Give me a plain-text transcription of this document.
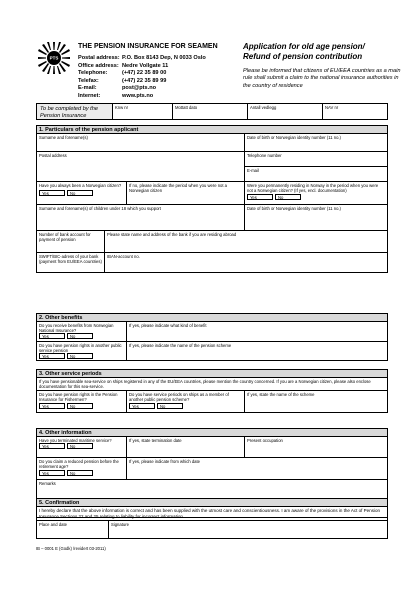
PTS
THE PENSION INSURANCE FOR SEAMEN
Postal address: P.O. Box 8143 Dep, N 0033 Oslo
Office address: Nedre Vollgate 11
Telephone:	(+47) 22 35 89 00
Telefax:	(+47) 22 35 89 99
E-mail:	post@pts.no
Internet:	www.pts.no
Application for old age pension/
Refund of pension contribution
Please be informed that citizens of EU/EEA countries as a main rule shall submit a claim to the national insurance authorities in the country of residence
To be completed by the Pension Insurance
Knw nr	Mottatt dato	Antall vedlegg	NAV nr
1. Particulars of the pension applicant
Surname and forename(s)	Date of birth or Norwegian identity number (11 no.)
Postal address	Telephone number
E-mail
Have you always been a Norwegian citizen?
Yes	No
If no, please indicate the period when you were not a Norwegian citizen
Were you permanently residing in Norway in the period when you were not a Norwegian citizen? (If yes, encl. documentation)
Yes	No
Surname and forename(s) of children under 18 which you support	Date of birth or Norwegian identity number (11 no.)
Number of bank account for payment of pension
Please state name and address of the bank if you are residing abroad
SWIFT/BIC-adress of your bank (payment from EU/EEA countries)
IBAN-account no.
2. Other benefits
Do you receive benefits from Norwegian National Insurance?
Yes	No
If yes, please indicate what kind of benefit
Do you have pension rights in another public service pension
Yes	No
If yes, please indicate the name of the pension scheme
3. Other service periods
If you have pensionable sea-service on ships registered in any of the EU/EEA countries, please mention the country concerned. If you are a Norwegian citizen, please also enclose documentation for this sea-service.
Do you have pension rights in the Pension Insurance for Fishermen?
Yes	No
Do you have service periods on ships as a member of another public pension scheme?
Yes	No
If yes, state the name of the scheme
4. Other information
Have you terminated maritime service?
Yes	No
If yes, state termination date	Present occupation
Do you claim a reduced pension before the retirement age?
Yes	No
If yes, please indicate from which date
Remarks
5. Confirmation
I hereby declare that the above information is correct and has been supplied with the utmost care and conscientiousness. I am aware of the provisions in the Act of Pension Insurance Sections 22 and 25 relating to liability for incorrect information.
Place and date	Signature
IB – 0001 E (Godk) /revidert 03-2011)
